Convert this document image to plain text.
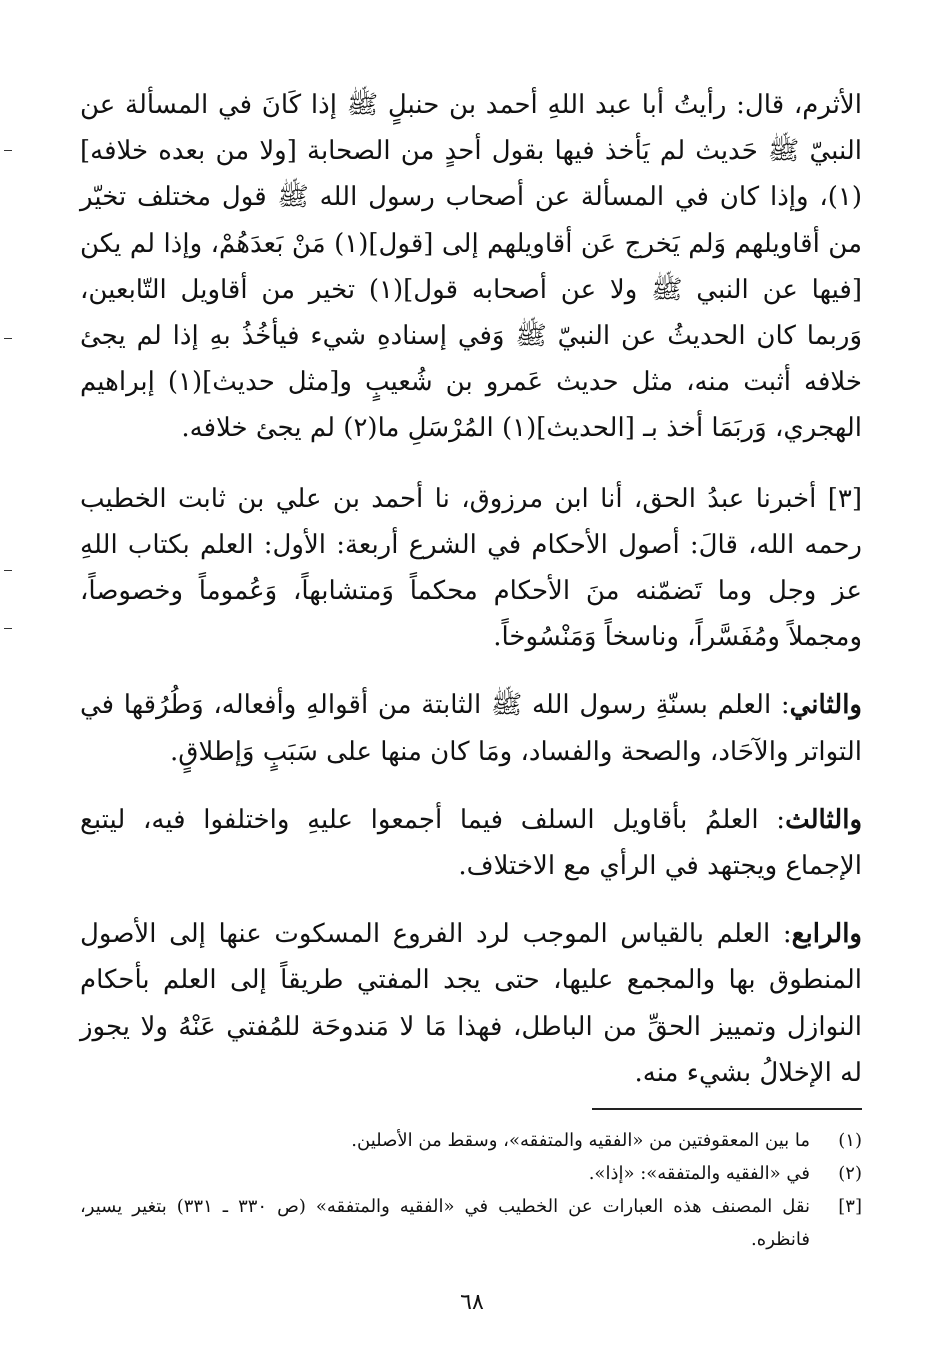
الأثرم، قال: رأيتُ أبا عبد اللهِ أحمد بن حنبلٍ ﷺ إذا كَانَ في المسألة عن النبيّ ﷺ حَديث لم يَأخذ فيها بقول أحدٍ من الصحابة [ولا من بعده خلافه](١)، وإذا كان في المسألة عن أصحاب رسول الله ﷺ قول مختلف تخيّر من أقاويلهم وَلم يَخرج عَن أقاويلهم إلى [قول](١) مَنْ بَعدَهُمْ، وإذا لم يكن [فيها عن النبي ﷺ ولا عن أصحابه قول](١) تخير من أقاويل التّابعين، وَربما كان الحديثُ عن النبيّ ﷺ وَفي إسنادهِ شيء فيأخُذُ بهِ إذا لم يجئ خلافه أثبت منه، مثل حديث عَمرو بن شُعيبٍ و[مثل حديث](١) إبراهيم الهجري، وَربَمَا أخذ بـ [الحديث](١) المُرْسَلِ ما(٢) لم يجئ خلافه.

[٣] أخبرنا عبدُ الحق، أنا ابن مرزوق، نا أحمد بن علي بن ثابت الخطيب رحمه الله، قالَ: أصول الأحكام في الشرع أربعة: الأول: العلم بكتاب اللهِ عز وجل وما تَضمّنه منَ الأحكام محكماً وَمتشابهاً، وَعُموماً وخصوصاً، ومجملاً ومُفَسَّراً، وناسخاً وَمَنْسُوخاً.

والثاني: العلم بسنّةِ رسول الله ﷺ الثابتة من أقوالهِ وأفعاله، وَطُرُقها في التواتر والآحَاد، والصحة والفساد، ومَا كان منها على سَبَبٍ وَإطلاقٍ.

والثالث: العلمُ بأقاويل السلف فيما أجمعوا عليهِ واختلفوا فيه، ليتبع الإجماع ويجتهد في الرأي مع الاختلاف.

والرابع: العلم بالقياس الموجب لرد الفروع المسكوت عنها إلى الأصول المنطوق بها والمجمع عليها، حتى يجد المفتي طريقاً إلى العلم بأحكام النوازل وتمييز الحقِّ من الباطل، فهذا مَا لا مَندوحَة للمُفتي عَنْهُ ولا يجوز له الإخلالُ بشيء منه.

(١)
ما بين المعقوفتين من «الفقيه والمتفقه»، وسقط من الأصلين.
(٢)
في «الفقيه والمتفقه»: «إذا».
[٣]
نقل المصنف هذه العبارات عن الخطيب في «الفقيه والمتفقه» (ص ٣٣٠ ـ ٣٣١) بتغير يسير، فانظره.
٦٨
